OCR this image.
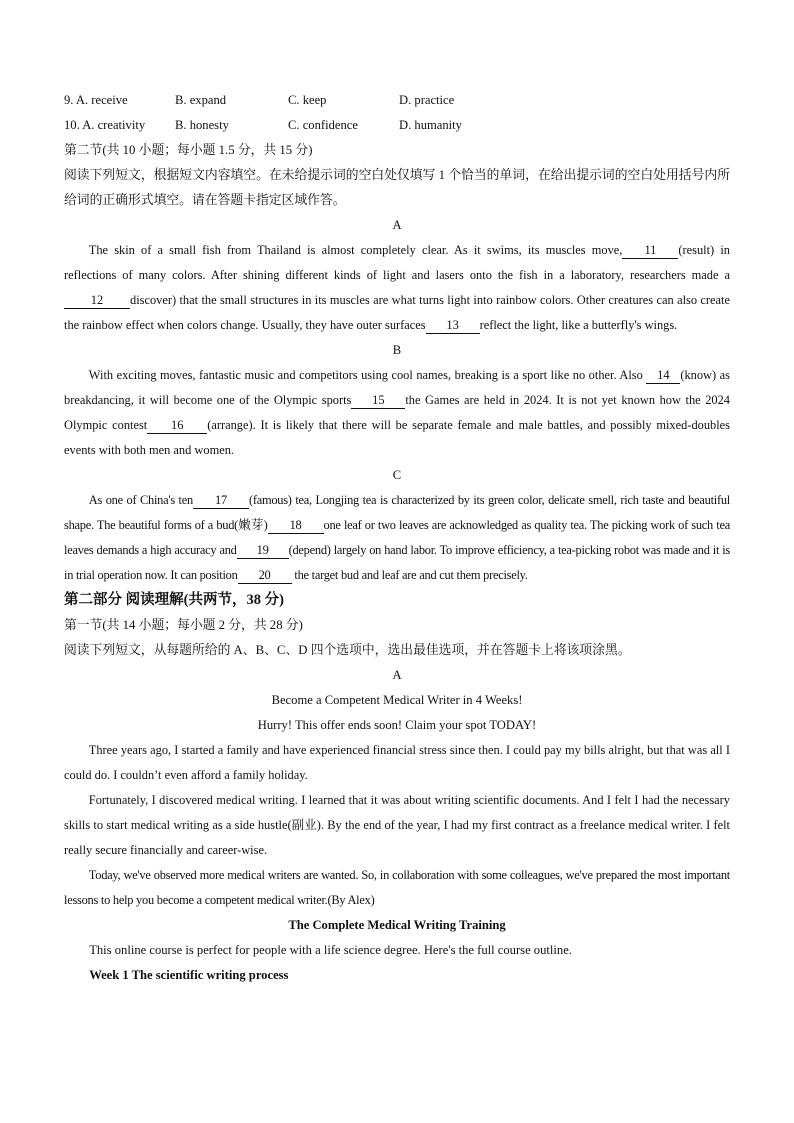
9. A. receive	B. expand	C. keep	D. practice
10. A. creativity B. honesty	C. confidence	D. humanity
第二节(共 10 小题；每小题 1.5 分，共 15 分)
阅读下列短文，根据短文内容填空。在未给提示词的空白处仅填写 1 个恰当的单词，在给出提示词的空白处用括号内所给词的正确形式填空。请在答题卡指定区域作答。
A

The skin of a small fish from Thailand is almost completely clear. As it swims, its muscles move, 11 (result) in reflections of many colors. After shining different kinds of light and lasers onto the fish in a laboratory, researchers made a12 discover) that the small structures in its muscles are what turns light into rainbow colors. Other creatures can also create the rainbow effect when colors change. Usually, they have outer surfaces 13 reflect the light, like a butterfly's wings.

B

With exciting moves, fantastic music and competitors using cool names, breaking is a sport like no other. Also 14 (know) as breakdancing, it will become one of the Olympic sports 15 the Games are held in 2024. It is not yet known how the 2024 Olympic contest 16 (arrange). It is likely that there will be separate female and male battles, and possibly mixed-doubles events with both men and women.

C

As one of China's ten 17 (famous) tea, Longjing tea is characterized by its green color, delicate smell, rich taste and beautiful shape. The beautiful forms of a bud(嫩芽) 18 one leaf or two leaves are acknowledged as quality tea. The picking work of such tea leaves demands a high accuracy and 19 (depend) largely on hand labor. To improve efficiency, a tea-picking robot was made and it is in trial operation now. It can position 20 the target bud and leaf are and cut them precisely.

第二部分 阅读理解(共两节，38 分)
第一节(共 14 小题；每小题 2 分，共 28 分)
阅读下列短文，从每题所给的 A、B、C、D 四个选项中，选出最佳选项，并在答题卡上将该项涂黑。
A
Become a Competent Medical Writer in 4 Weeks!
Hurry! This offer ends soon! Claim your spot TODAY!

Three years ago, I started a family and have experienced financial stress since then. I could pay my bills alright, but that was all I could do. I couldn’t even afford a family holiday.

Fortunately, I discovered medical writing. I learned that it was about writing scientific documents. And I felt I had the necessary skills to start medical writing as a side hustle(副业). By the end of the year, I had my first contract as a freelance medical writer. I felt really secure financially and career-wise.

Today, we've observed more medical writers are wanted. So, in collaboration with some colleagues, we've prepared the most important lessons to help you become a competent medical writer.(By Alex)

The Complete Medical Writing Training
This online course is perfect for people with a life science degree. Here's the full course outline.
Week 1 The scientific writing process
